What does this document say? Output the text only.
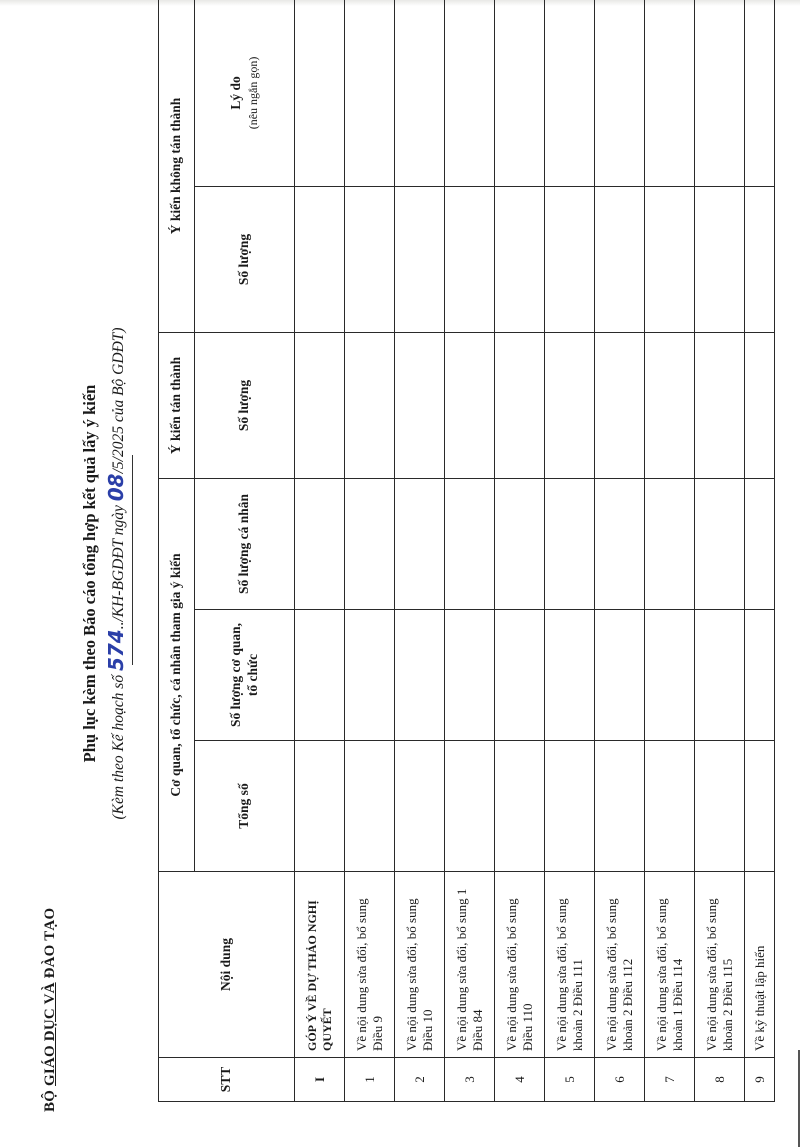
BỘ GIÁO DỤC VÀ ĐÀO TẠO
Phụ lục kèm theo Báo cáo tổng hợp kết quả lấy ý kiến (Kèm theo Kế hoạch số 574../KH-BGDĐT ngày 08/5/2025 của Bộ GDĐT)
STT	Nội dung	Cơ quan, tổ chức, cá nhân tham gia ý kiến			Ý kiến tán thành	Ý kiến không tán thành	
		Tổng số	Số lượng cơ quan, tổ chức	Số lượng cá nhân	Số lượng	Số lượng	Lý do (nêu ngắn gọn)
I	GÓP Ý VỀ DỰ THẢO NGHỊ QUYẾT						
1	Về nội dung sửa đổi, bổ sung Điều 9						
2	Về nội dung sửa đổi, bổ sung Điều 10						
3	Về nội dung sửa đổi, bổ sung 1 Điều 84						
4	Về nội dung sửa đổi, bổ sung Điều 110						
5	Về nội dung sửa đổi, bổ sung khoản 2 Điều 111						
6	Về nội dung sửa đổi, bổ sung khoản 2 Điều 112						
7	Về nội dung sửa đổi, bổ sung khoản 1 Điều 114						
8	Về nội dung sửa đổi, bổ sung khoản 2 Điều 115						
9	Về kỹ thuật lập hiến						
